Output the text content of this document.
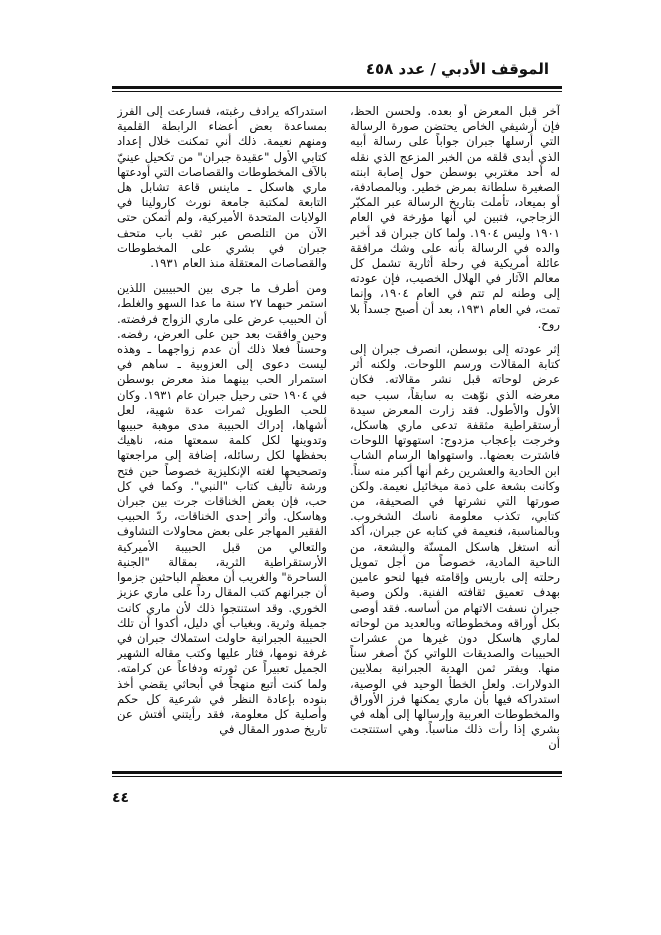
الموقف الأدبي / عدد ٤٥٨

آخر قبل المعرض أو بعده. ولحسن الحظ، فإن أرشيفي الخاص يحتضن صورة الرسالة التي أرسلها جبران جواباً على رسالة أبيه الذي أبدى قلقه من الخبر المزعج الذي نقله له أحد مغتربي بوسطن حول إصابة ابنته الصغيرة سلطانة بمرض خطير. وبالمصادفة، أو بميعاد، تأملت بتاريخ الرسالة عبر المكبّر الزجاجي، فتبين لي أنها مؤرخة في العام ١٩٠١ وليس ١٩٠٤. ولما كان جبران قد أخبر والده في الرسالة بأنه على وشك مرافقة عائلة أمريكية في رحلة أثارية تشمل كل معالم الآثار في الهلال الخصيب، فإن عودته إلى وطنه لم تتم في العام ١٩٠٤، وإنما تمت، في العام ١٩٣١، بعد أن أصبح جسداً بلا روح.

إثر عودته إلى بوسطن، انصرف جبران إلى كتابة المقالات ورسم اللوحات. ولكنه أثر عرض لوحاته قبل نشر مقالاته. فكان معرضه الذي نوّهت به سابقاً، سبب حبه الأول والأطول. فقد زارت المعرض سيدة أرستقراطية مثقفة تدعى ماري هاسكل، وخرجت بإعجاب مزدوج: استهوتها اللوحات فاشترت بعضها.. واستهواها الرسام الشاب ابن الحادية والعشرين رغم أنها أكبر منه سناً. وكانت بشعة على ذمة ميخائيل نعيمة. ولكن صورتها التي نشرتها في الصحيفة، من كتابي، تكذب معلومة ناسك الشخروب. وبالمناسبة، فنعيمة في كتابه عن جبران، أكد أنه استغل هاسكل المسنّة والبشعة، من الناحية المادية، خصوصاً من أجل تمويل رحلته إلى باريس وإقامته فيها لنحو عامين بهدف تعميق ثقافته الفنية. ولكن وصية جبران نسفت الاتهام من أساسه. فقد أوصى بكل أوراقه ومخطوطاته وبالعديد من لوحاته لماري هاسكل دون غيرها من عشرات الحبيبات والصديقات اللواتي كنّ أصغر سناً منها. ويفتر ثمن الهدية الجبرانية بملايين الدولارات. ولعل الخطأ الوحيد في الوصية، استدراكه فيها بأن ماري يمكنها فرز الأوراق والمخطوطات العربية وإرسالها إلى أهله في بشري إذا رأت ذلك مناسباً. وهي استنتجت أن

استدراكه يرادف رغبته، فسارعت إلى الفرز بمساعدة بعض أعضاء الرابطة القلمية ومنهم نعيمة. ذلك أني تمكنت خلال إعداد كتابي الأول "عقيدة جبران" من تكحيل عينيّ بالآف المخطوطات والقصاصات التي أودعتها ماري هاسكل ـ ماينس قاعة تشابل هل التابعة لمكتبة جامعة نورث كارولينا في الولايات المتحدة الأميركية، ولم أتمكن حتى الآن من التلصص عبر ثقب باب متحف جبران في بشري على المخطوطات والقصاصات المعتقلة منذ العام ١٩٣١.

ومن أطرف ما جرى بين الحبيبين اللذين استمر حبهما ٢٧ سنة ما عدا السهو والغلط، أن الحبيب عرض على ماري الزواج فرفضته. وحين وافقت بعد حين على العرض، رفضه. وحسناً فعلا ذلك أن عدم زواجهما ـ وهذه ليست دعوى إلى العزوبية ـ ساهم في استمرار الحب بينهما منذ معرض بوسطن في ١٩٠٤ حتى رحيل جبران عام ١٩٣١. وكان للحب الطويل ثمرات عدة شهية، لعل أشهاها، إدراك الحبيبة مدى موهبة حبيبها وتدوينها لكل كلمة سمعتها منه، ناهيك بحفظها لكل رسائله، إضافة إلى مراجعتها وتصحيحها لغته الإنكليزية خصوصاً حين فتح ورشة تأليف كتاب "النبي". وكما في كل حب، فإن بعض الخناقات جرت بين جبران وهاسكل. وأثر إحدى الخناقات، ردّ الحبيب الفقير المهاجر على بعض محاولات التشاوف والتعالي من قبل الحبيبة الأميركية الأرستقراطية الثرية، بمقالة "الجنية الساحرة" والغريب أن معظم الباحثين جزموا أن جبرانهم كتب المقال رداً على ماري عزيز الخوري. وقد استنتجوا ذلك لأن ماري كانت جميلة وثرية. وبغياب أي دليل، أكدوا أن تلك الحبيبة الجبرانية حاولت استملاك جبران في غرفة نومها، فثار عليها وكتب مقاله الشهير الجميل تعبيراً عن ثورته ودفاعاً عن كرامته. ولما كنت أتبع منهجاً في أبحاثي يقضي أخذ بنوده بإعادة النظر في شرعية كل حكم وأصلية كل معلومة، فقد رأيتني أفتش عن تاريخ صدور المقال في

٤٤
